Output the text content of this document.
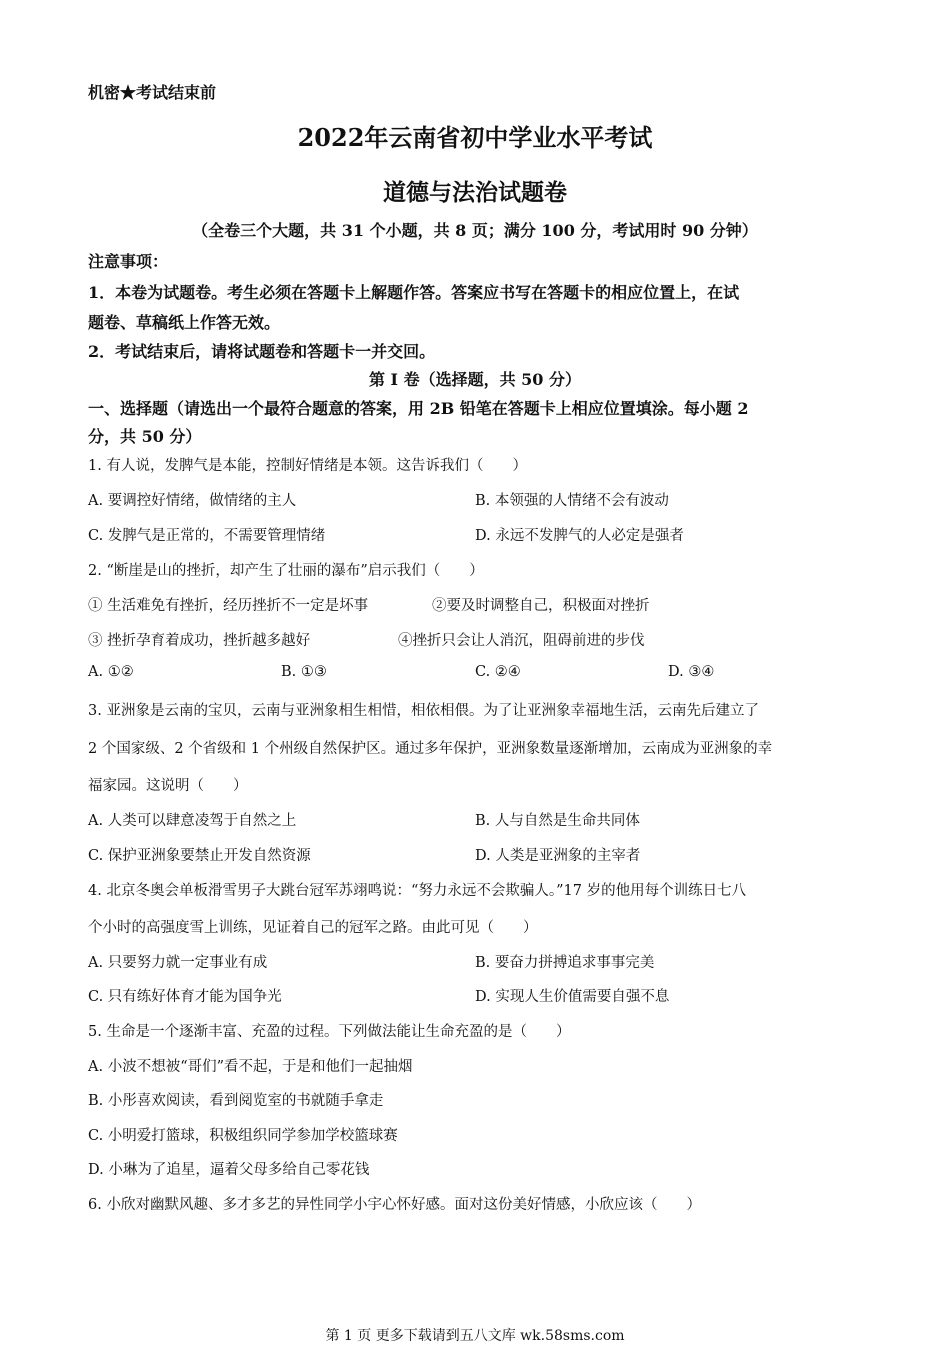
机密★考试结束前
2022年云南省初中学业水平考试
道德与法治试题卷
（全卷三个大题，共 31 个小题，共 8 页；满分 100 分，考试用时 90 分钟）
注意事项：
1．本卷为试题卷。考生必须在答题卡上解题作答。答案应书写在答题卡的相应位置上，在试
题卷、草稿纸上作答无效。
2．考试结束后，请将试题卷和答题卡一并交回。
第 I 卷（选择题，共 50 分）
一、选择题（请选出一个最符合题意的答案，用 2B 铅笔在答题卡上相应位置填涂。每小题 2
分，共 50 分）
1. 有人说，发脾气是本能，控制好情绪是本领。这告诉我们（　　）
A. 要调控好情绪，做情绪的主人	B. 本领强的人情绪不会有波动
C. 发脾气是正常的，不需要管理情绪	D. 永远不发脾气的人必定是强者
2. “断崖是山的挫折，却产生了壮丽的瀑布”启示我们（　　）
① 生活难免有挫折，经历挫折不一定是坏事	②要及时调整自己，积极面对挫折
③ 挫折孕育着成功，挫折越多越好	④挫折只会让人消沉，阻碍前进的步伐
A. ①②	B. ①③	C. ②④	D. ③④
3. 亚洲象是云南的宝贝，云南与亚洲象相生相惜，相依相偎。为了让亚洲象幸福地生活，云南先后建立了
2 个国家级、2 个省级和 1 个州级自然保护区。通过多年保护，亚洲象数量逐渐增加，云南成为亚洲象的幸
福家园。这说明（　　）
A. 人类可以肆意凌驾于自然之上	B. 人与自然是生命共同体
C. 保护亚洲象要禁止开发自然资源	D. 人类是亚洲象的主宰者
4. 北京冬奥会单板滑雪男子大跳台冠军苏翊鸣说：“努力永远不会欺骗人。”17 岁的他用每个训练日七八
个小时的高强度雪上训练，见证着自己的冠军之路。由此可见（　　）
A. 只要努力就一定事业有成	B. 要奋力拼搏追求事事完美
C. 只有练好体育才能为国争光	D. 实现人生价值需要自强不息
5. 生命是一个逐渐丰富、充盈的过程。下列做法能让生命充盈的是（　　）
A. 小波不想被“哥们”看不起，于是和他们一起抽烟
B. 小彤喜欢阅读，看到阅览室的书就随手拿走
C. 小明爱打篮球，积极组织同学参加学校篮球赛
D. 小琳为了追星，逼着父母多给自己零花钱
6. 小欣对幽默风趣、多才多艺的异性同学小宇心怀好感。面对这份美好情感，小欣应该（　　）
第 1 页 更多下载请到五八文库 wk.58sms.com
